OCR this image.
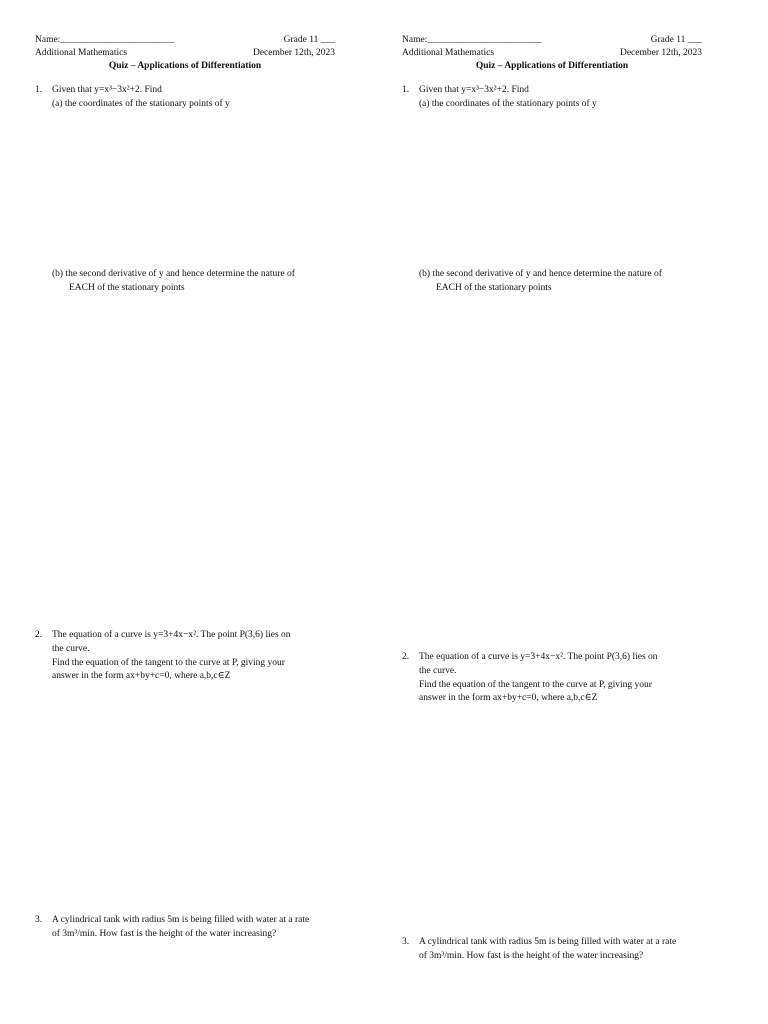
Name:________________________	Grade 11 ___
Additional Mathematics	December 12th, 2023
Quiz – Applications of Differentiation
1. Given that y=x³−3x²+2. Find
(a) the coordinates of the stationary points of y
(b) the second derivative of y and hence determine the nature of
EACH of the stationary points
2. The equation of a curve is y=3+4x−x². The point P(3,6) lies on
the curve.
Find the equation of the tangent to the curve at P, giving your
answer in the form ax+by+c=0, where a,b,c∈Z
3. A cylindrical tank with radius 5m is being filled with water at a rate
of 3m³/min. How fast is the height of the water increasing?
Name:________________________	Grade 11 ___
Additional Mathematics	December 12th, 2023
Quiz – Applications of Differentiation
1. Given that y=x³−3x²+2. Find
(a) the coordinates of the stationary points of y
(b) the second derivative of y and hence determine the nature of
EACH of the stationary points
2. The equation of a curve is y=3+4x−x². The point P(3,6) lies on
the curve.
Find the equation of the tangent to the curve at P, giving your
answer in the form ax+by+c=0, where a,b,c∈Z
3. A cylindrical tank with radius 5m is being filled with water at a rate
of 3m³/min. How fast is the height of the water increasing?
